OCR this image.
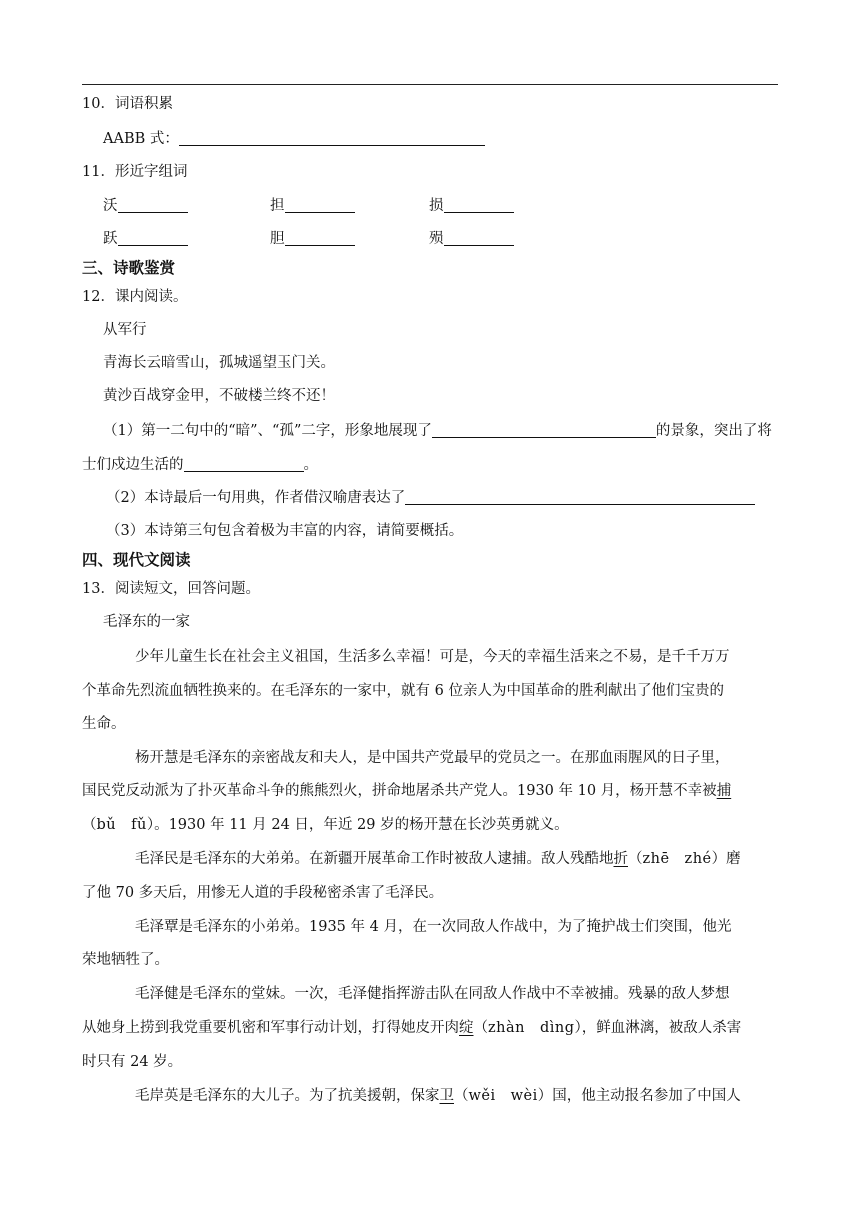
10．词语积累
AABB 式：
11．形近字组词
沃	担	损
跃	胆	殒
三、诗歌鉴赏
12．课内阅读。
从军行
青海长云暗雪山，孤城遥望玉门关。
黄沙百战穿金甲，不破楼兰终不还！
（1）第一二句中的“暗”、“孤”二字，形象地展现了	的景象，突出了将
士们戍边生活的	。
（2）本诗最后一句用典，作者借汉喻唐表达了
（3）本诗第三句包含着极为丰富的内容，请简要概括。
四、现代文阅读
13．阅读短文，回答问题。
毛泽东的一家
少年儿童生长在社会主义祖国，生活多么幸福！可是，今天的幸福生活来之不易，是千千万万
个革命先烈流血牺牲换来的。在毛泽东的一家中，就有 6 位亲人为中国革命的胜利献出了他们宝贵的
生命。
杨开慧是毛泽东的亲密战友和夫人，是中国共产党最早的党员之一。在那血雨腥风的日子里，
国民党反动派为了扑灭革命斗争的熊熊烈火，拼命地屠杀共产党人。1930 年 10 月，杨开慧不幸被捕
（bǔ　fǔ）。1930 年 11 月 24 日，年近 29 岁的杨开慧在长沙英勇就义。
毛泽民是毛泽东的大弟弟。在新疆开展革命工作时被敌人逮捕。敌人残酷地折（zhē　zhé）磨
了他 70 多天后，用惨无人道的手段秘密杀害了毛泽民。
毛泽覃是毛泽东的小弟弟。1935 年 4 月，在一次同敌人作战中，为了掩护战士们突围，他光
荣地牺牲了。
毛泽健是毛泽东的堂妹。一次，毛泽健指挥游击队在同敌人作战中不幸被捕。残暴的敌人梦想
从她身上捞到我党重要机密和军事行动计划，打得她皮开肉绽（zhàn　dìng），鲜血淋漓，被敌人杀害
时只有 24 岁。
毛岸英是毛泽东的大儿子。为了抗美援朝，保家卫（wěi　wèi）国，他主动报名参加了中国人
